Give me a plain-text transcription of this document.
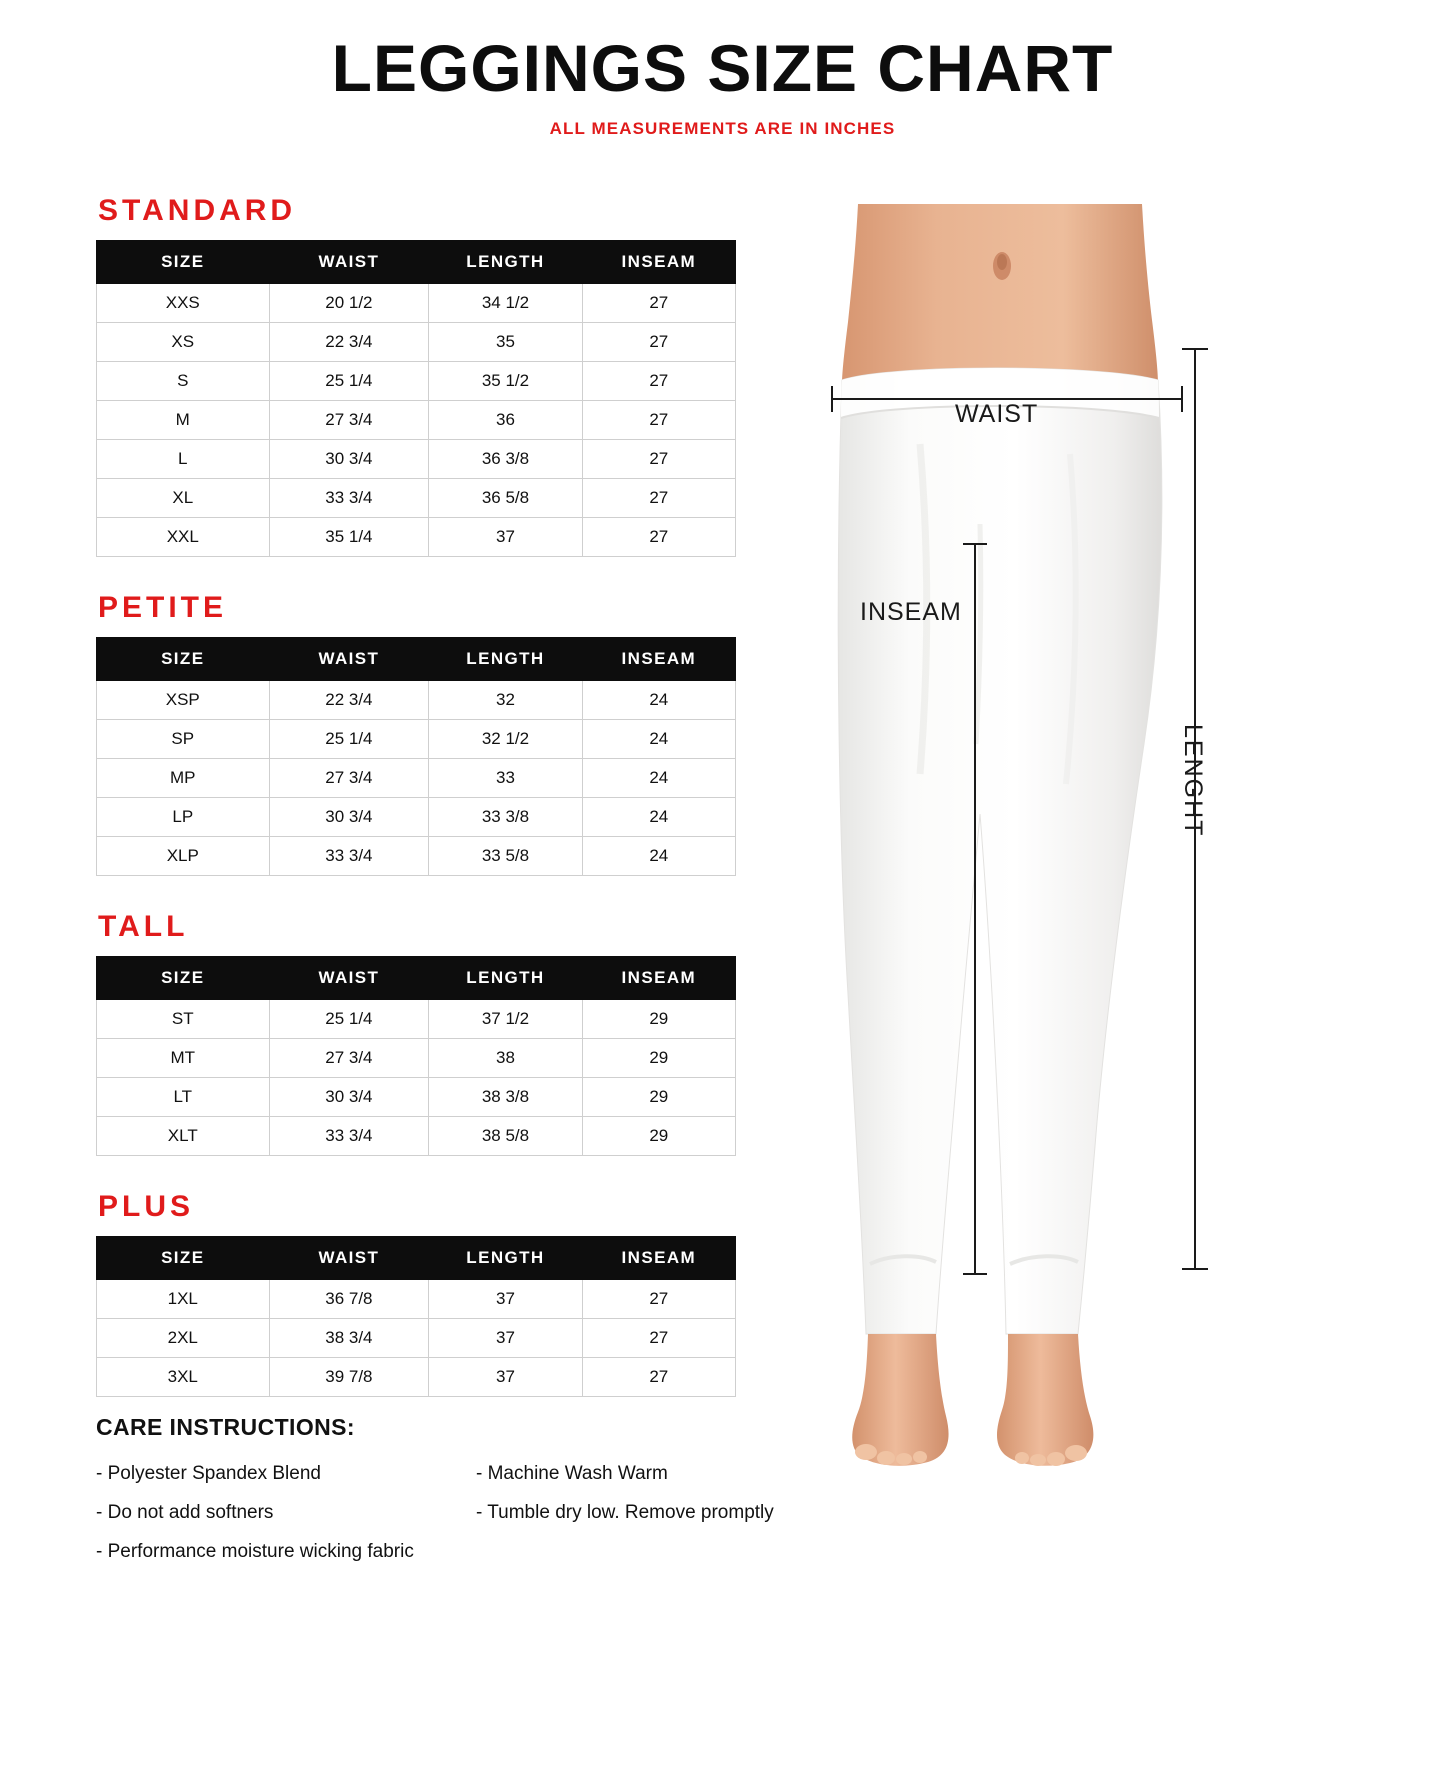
LEGGINGS SIZE CHART
ALL MEASUREMENTS ARE IN INCHES
STANDARD
SIZE	WAIST	LENGTH	INSEAM
XXS	20 1/2	34 1/2	27
XS	22 3/4	35	27
S	25 1/4	35 1/2	27
M	27 3/4	36	27
L	30 3/4	36 3/8	27
XL	33 3/4	36 5/8	27
XXL	35 1/4	37	27
PETITE
SIZE	WAIST	LENGTH	INSEAM
XSP	22 3/4	32	24
SP	25 1/4	32 1/2	24
MP	27 3/4	33	24
LP	30 3/4	33 3/8	24
XLP	33 3/4	33 5/8	24
TALL
SIZE	WAIST	LENGTH	INSEAM
ST	25 1/4	37 1/2	29
MT	27 3/4	38	29
LT	30 3/4	38 3/8	29
XLT	33 3/4	38 5/8	29
PLUS
SIZE	WAIST	LENGTH	INSEAM
1XL	36 7/8	37	27
2XL	38 3/4	37	27
3XL	39 7/8	37	27
CARE INSTRUCTIONS:
- Polyester Spandex Blend	- Machine Wash Warm
- Do not add softners	- Tumble dry low. Remove promptly
- Performance moisture wicking fabric
WAIST
INSEAM
LENGHT
